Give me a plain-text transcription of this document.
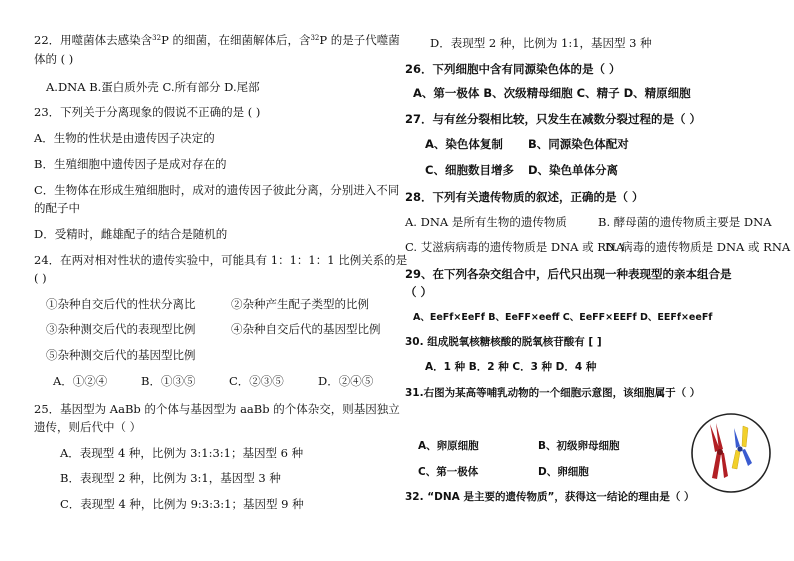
22．用噬菌体去感染含$^{32}$P 的细菌，在细菌解体后，含$^{32}$P 的是子代噬菌
体的 ( )
A.DNA B.蛋白质外壳 C.所有部分 D.尾部
23．下列关于分离现象的假说不正确的是 ( )
A．生物的性状是由遗传因子决定的
B．生殖细胞中遗传因子是成对存在的
C．生物体在形成生殖细胞时，成对的遗传因子彼此分离，分别进入不同
的配子中
D．受精时，雌雄配子的结合是随机的
24．在两对相对性状的遗传实验中，可能具有 1：1：1：1 比例关系的是
( )
①杂种自交后代的性状分离比	②杂种产生配子类型的比例
③杂种测交后代的表现型比例	④杂种自交后代的基因型比例
⑤杂种测交后代的基因型比例
A．①②④	B．①③⑤	C．②③⑤	D．②④⑤
25．基因型为 AaBb 的个体与基因型为 aaBb 的个体杂交，则基因独立
遗传，则后代中（ ）
A．表现型 4 种，比例为 3:1:3:1；基因型 6 种
B．表现型 2 种，比例为 3:1，基因型 3 种
C．表现型 4 种，比例为 9:3:3:1；基因型 9 种
D．表现型 2 种，比例为 1:1，基因型 3 种
26．下列细胞中含有同源染色体的是（ ）
A、第一极体 B、次级精母细胞 C、精子 D、精原细胞
27．与有丝分裂相比较，只发生在减数分裂过程的是（ ）
A、染色体复制 B、同源染色体配对
C、细胞数目增多 D、染色单体分离
28．下列有关遗传物质的叙述，正确的是（ ）
A. DNA 是所有生物的遗传物质	B. 酵母菌的遗传物质主要是 DNA
C. 艾滋病病毒的遗传物质是 DNA 或 RNA
D. 病毒的遗传物质是 DNA 或 RNA
29、在下列各杂交组合中，后代只出现一种表现型的亲本组合是
（ ）
A、EeFf×EeFf B、EeFF×eeff C、EeFF×EEFf D、EEFf×eeFf
30. 组成脱氧核糖核酸的脱氧核苷酸有 [ ]
A．1 种 B．2 种 C．3 种 D．4 种
31.右图为某高等哺乳动物的一个细胞示意图，该细胞属于（ ）
A、卵原细胞	B、初级卵母细胞
C、第一极体	D、卵细胞
32. “DNA 是主要的遗传物质”，获得这一结论的理由是（ ）
